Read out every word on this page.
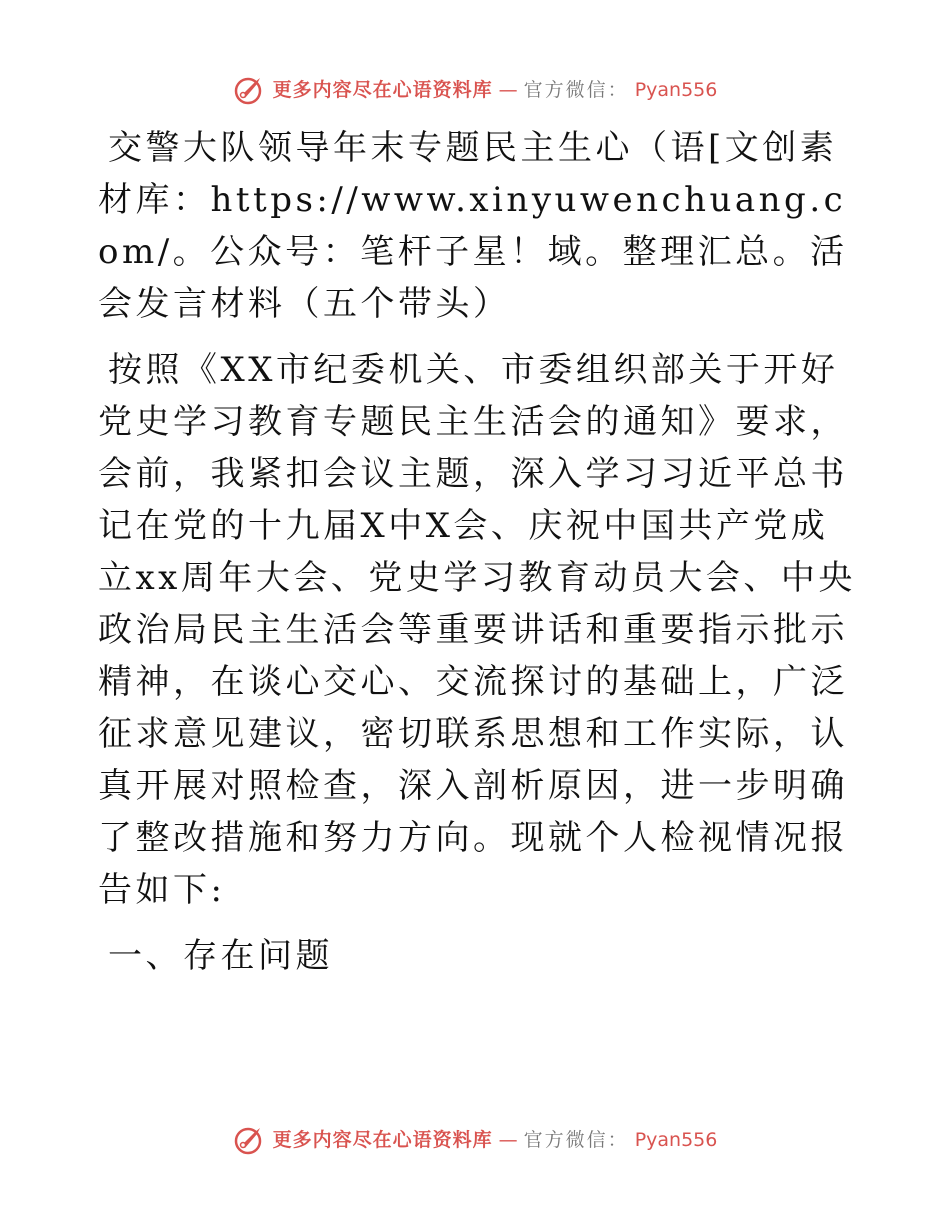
更多内容尽在心语资料库 — 官方微信： Pyan556

交警大队领导年末专题民主生心（语[文创素材库：https://www.xinyuwenchuang.com/。公众号：笔杆子星！域。整理汇总。活会发言材料（五个带头）

按照《XX市纪委机关、市委组织部关于开好党史学习教育专题民主生活会的通知》要求，会前，我紧扣会议主题，深入学习习近平总书记在党的十九届X中X会、庆祝中国共产党成立xx周年大会、党史学习教育动员大会、中央政治局民主生活会等重要讲话和重要指示批示精神，在谈心交心、交流探讨的基础上，广泛征求意见建议，密切联系思想和工作实际，认真开展对照检查，深入剖析原因，进一步明确了整改措施和努力方向。现就个人检视情况报告如下:

一、存在问题

更多内容尽在心语资料库 — 官方微信： Pyan556
